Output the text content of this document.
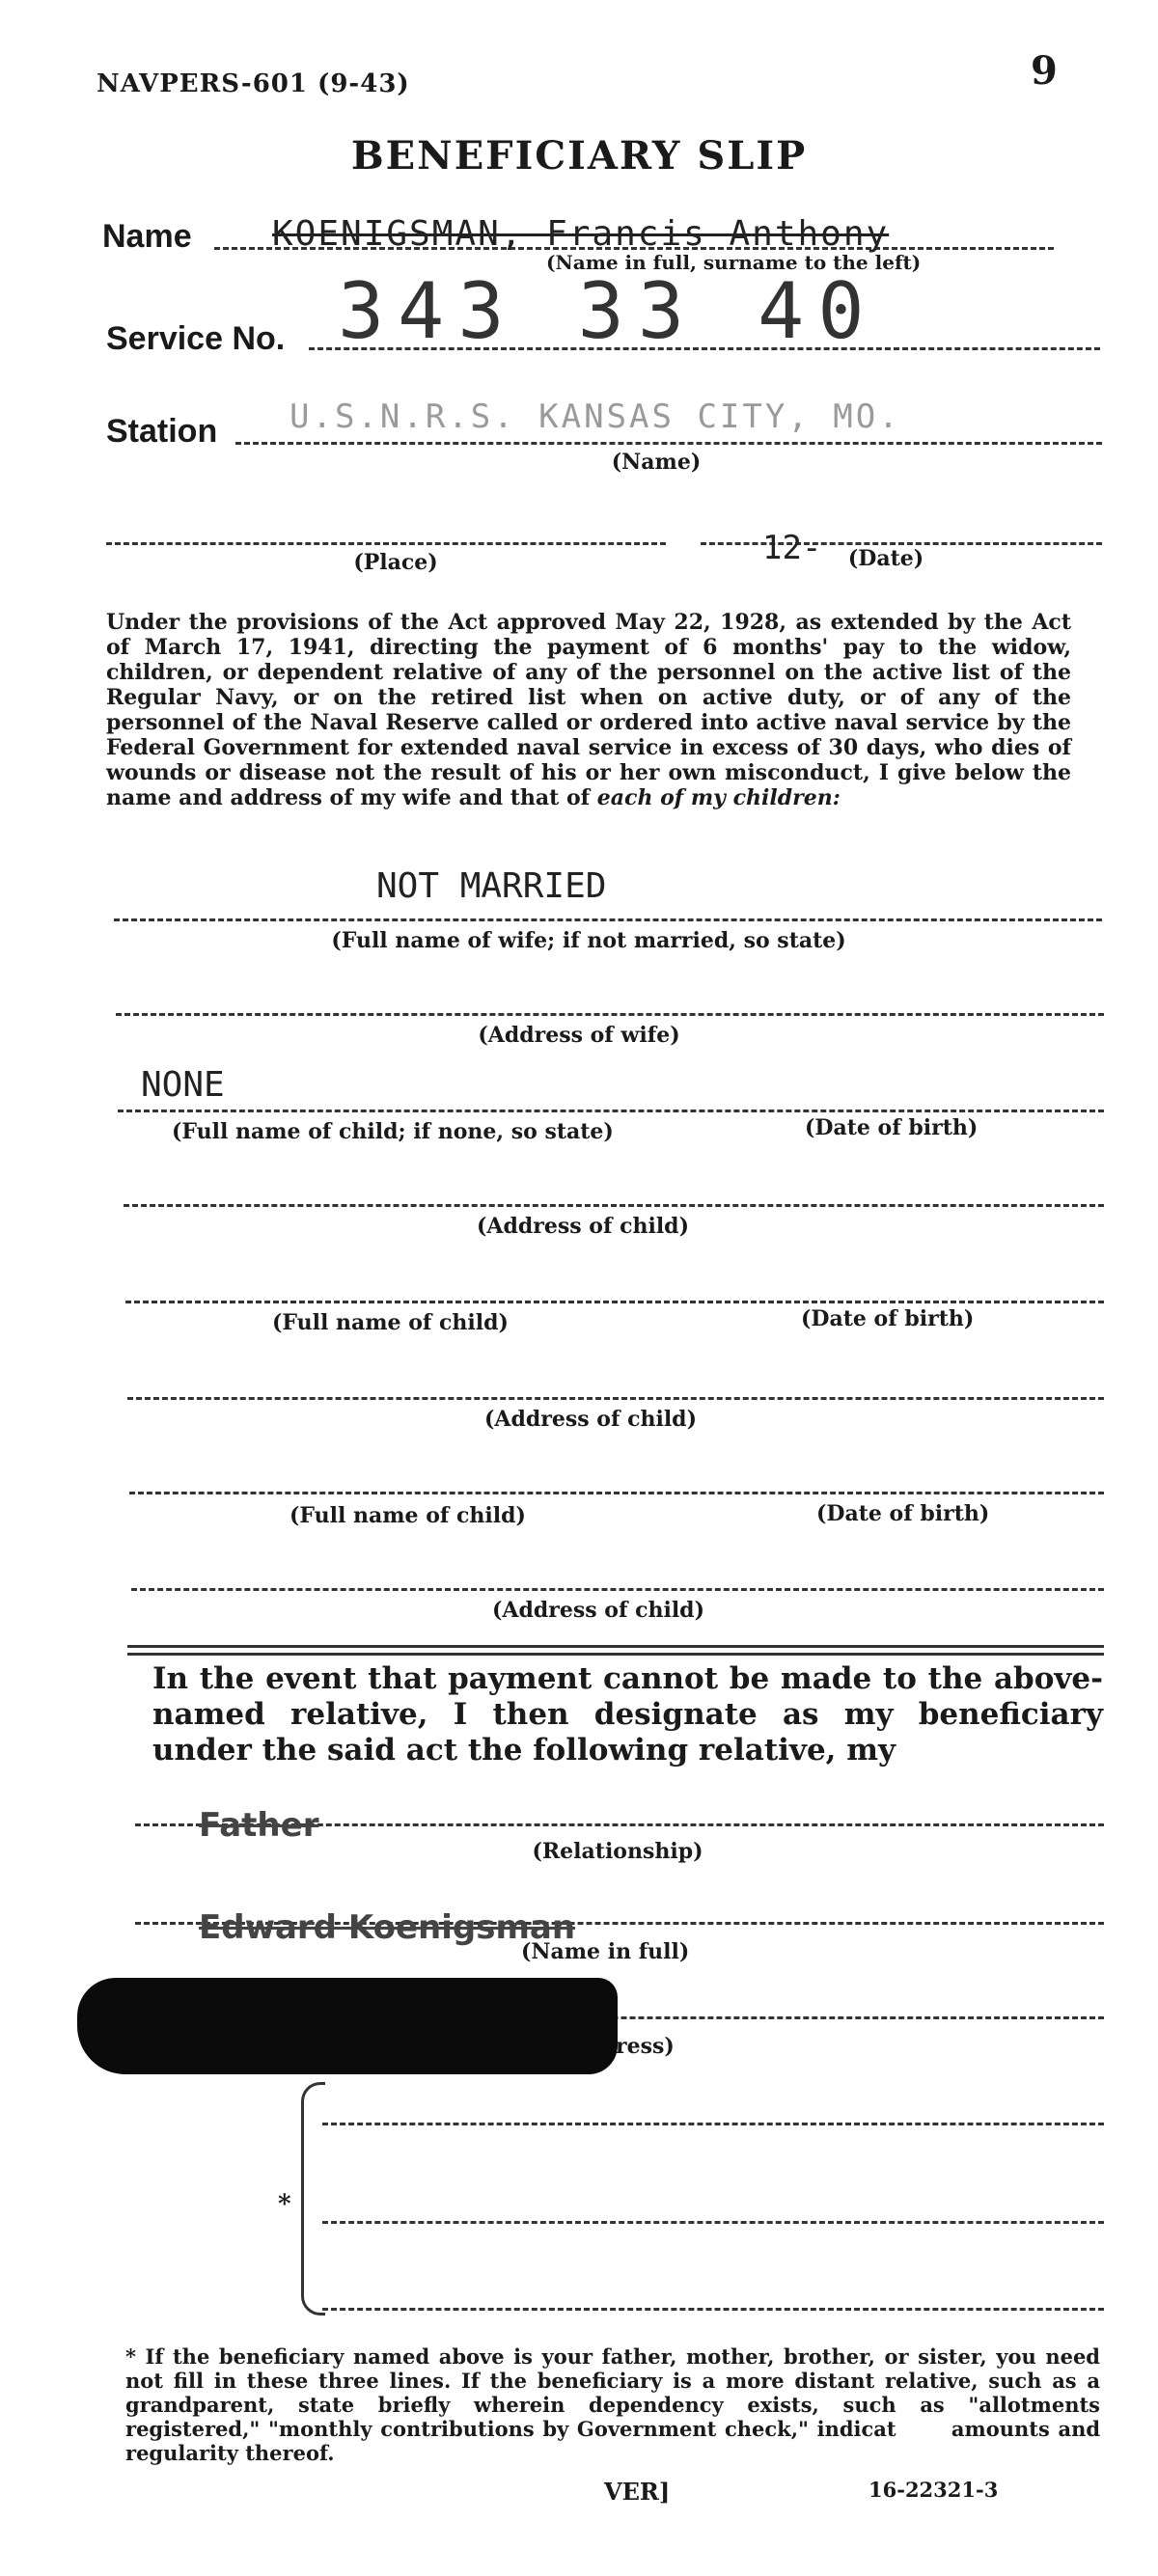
NAVPERS-601 (9-43)	9
BENEFICIARY SLIP
Name KOENIGSMAN, Francis Anthony
(Name in full, surname to the left)
Service No. 343 33 40
Station U.S.N.R.S. KANSAS CITY, MO.
(Name)
(Place)	12-	(Date)
Under the provisions of the Act approved May 22, 1928, as extended by the Act of March 17, 1941, directing the payment of 6 months' pay to the widow, children, or dependent relative of any of the personnel on the active list of the Regular Navy, or on the retired list when on active duty, or of any of the personnel of the Naval Reserve called or ordered into active naval service by the Federal Government for extended naval service in excess of 30 days, who dies of wounds or disease not the result of his or her own misconduct, I give below the name and address of my wife and that of each of my children:
NOT MARRIED
(Full name of wife; if not married, so state)
(Address of wife)
NONE
(Full name of child; if none, so state)	(Date of birth)
(Address of child)
(Full name of child)	(Date of birth)
(Address of child)
(Full name of child)	(Date of birth)
(Address of child)
In the event that payment cannot be made to the above-named relative, I then designate as my beneficiary under the said act the following relative, my
Father
(Relationship)
Edward Koenigsman
(Name in full)
ress)
*
* If the beneficiary named above is your father, mother, brother, or sister, you need not fill in these three lines. If the beneficiary is a more distant relative, such as a grandparent, state briefly wherein dependency exists, such as "allotments registered," "monthly contributions by Government check," indicat	amounts and regularity thereof.
VER]	16-22321-3
